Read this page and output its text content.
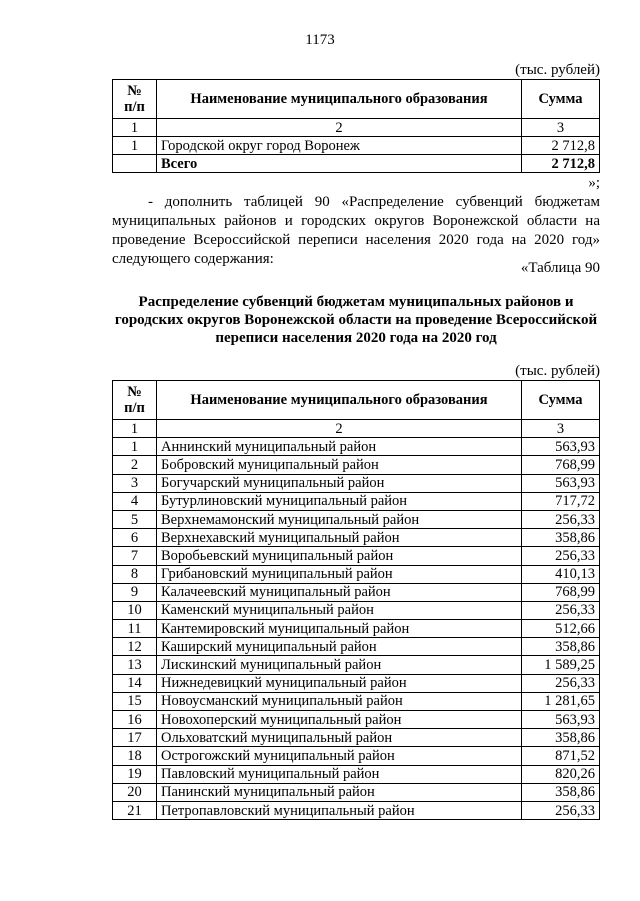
1173
(тыс. рублей)
№
п/п	Наименование муниципального образования	Сумма
1	2	3
1	Городской округ город Воронеж	2 712,8
	Всего	2 712,8
»;
- дополнить таблицей 90 «Распределение субвенций бюджетам муниципальных районов и городских округов Воронежской области на проведение Всероссийской переписи населения 2020 года на 2020 год» следующего содержания:
«Таблица 90
Распределение субвенций бюджетам муниципальных районов и городских округов Воронежской области на проведение Всероссийской переписи населения 2020 года на 2020 год
(тыс. рублей)
№
п/п	Наименование муниципального образования	Сумма
1	2	3
1	Аннинский муниципальный район	563,93
2	Бобровский муниципальный район	768,99
3	Богучарский муниципальный район	563,93
4	Бутурлиновский муниципальный район	717,72
5	Верхнемамонский муниципальный район	256,33
6	Верхнехавский муниципальный район	358,86
7	Воробьевский муниципальный район	256,33
8	Грибановский муниципальный район	410,13
9	Калачеевский муниципальный район	768,99
10	Каменский муниципальный район	256,33
11	Кантемировский муниципальный район	512,66
12	Каширский муниципальный район	358,86
13	Лискинский муниципальный район	1 589,25
14	Нижнедевицкий муниципальный район	256,33
15	Новоусманский муниципальный район	1 281,65
16	Новохоперский муниципальный район	563,93
17	Ольховатский муниципальный район	358,86
18	Острогожский муниципальный район	871,52
19	Павловский муниципальный район	820,26
20	Панинский муниципальный район	358,86
21	Петропавловский муниципальный район	256,33
